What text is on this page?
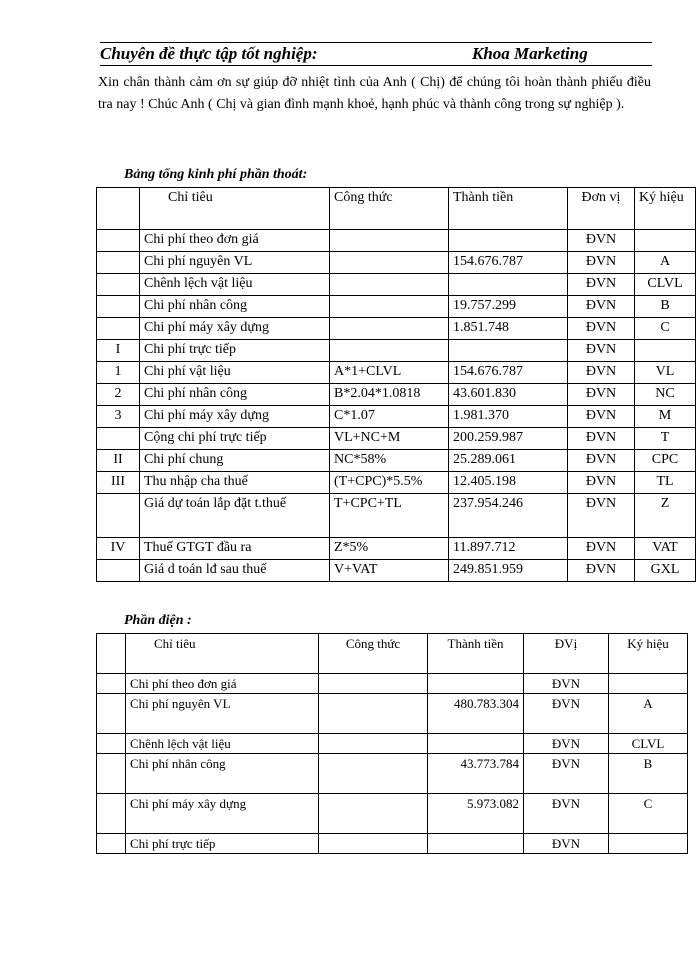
Chuyên đề thực tập tốt nghiệp:	Khoa Marketing

Xin chân thành cảm ơn sự giúp đỡ nhiệt tình của Anh ( Chị) để chúng tôi hoàn thành phiếu điều tra nay ! Chúc Anh ( Chị và gian đình mạnh khoẻ, hạnh phúc và thành công trong sự nghiệp ).

Bảng tổng kinh phí phần thoát:
	Chỉ tiêu	Công thức	Thành tiền	Đơn vị	Ký hiệu
	Chi phí theo đơn giá			ĐVN	
	Chi phí nguyên VL		154.676.787	ĐVN	A
	Chênh lệch vật liệu			ĐVN	CLVL
	Chi phí nhân công		19.757.299	ĐVN	B
	Chi phí máy xây dựng		1.851.748	ĐVN	C
I	Chi phí trực tiếp			ĐVN	
1	Chi phí vật liệu	A*1+CLVL	154.676.787	ĐVN	VL
2	Chi phí nhân công	B*2.04*1.0818	43.601.830	ĐVN	NC
3	Chi phí máy xây dựng	C*1.07	1.981.370	ĐVN	M
	Cộng chi phí trực tiếp	VL+NC+M	200.259.987	ĐVN	T
II	Chi phí chung	NC*58%	25.289.061	ĐVN	CPC
III	Thu nhập cha thuế	(T+CPC)*5.5%	12.405.198	ĐVN	TL
	Giá dự toán lắp đặt t.thuế	T+CPC+TL	237.954.246	ĐVN	Z
IV	Thuế GTGT đầu ra	Z*5%	11.897.712	ĐVN	VAT
	Giá d toán lđ sau thuế	V+VAT	249.851.959	ĐVN	GXL
Phần điện :
	Chỉ tiêu	Công thức	Thành tiền	ĐVị	Ký hiệu
	Chi phí theo đơn giá			ĐVN	
	Chi phí nguyên VL		480.783.304	ĐVN	A
	Chênh lệch vật liệu			ĐVN	CLVL
	Chi phí nhân công		43.773.784	ĐVN	B
	Chi phí máy xây dựng		5.973.082	ĐVN	C
	Chi phí trực tiếp			ĐVN	
